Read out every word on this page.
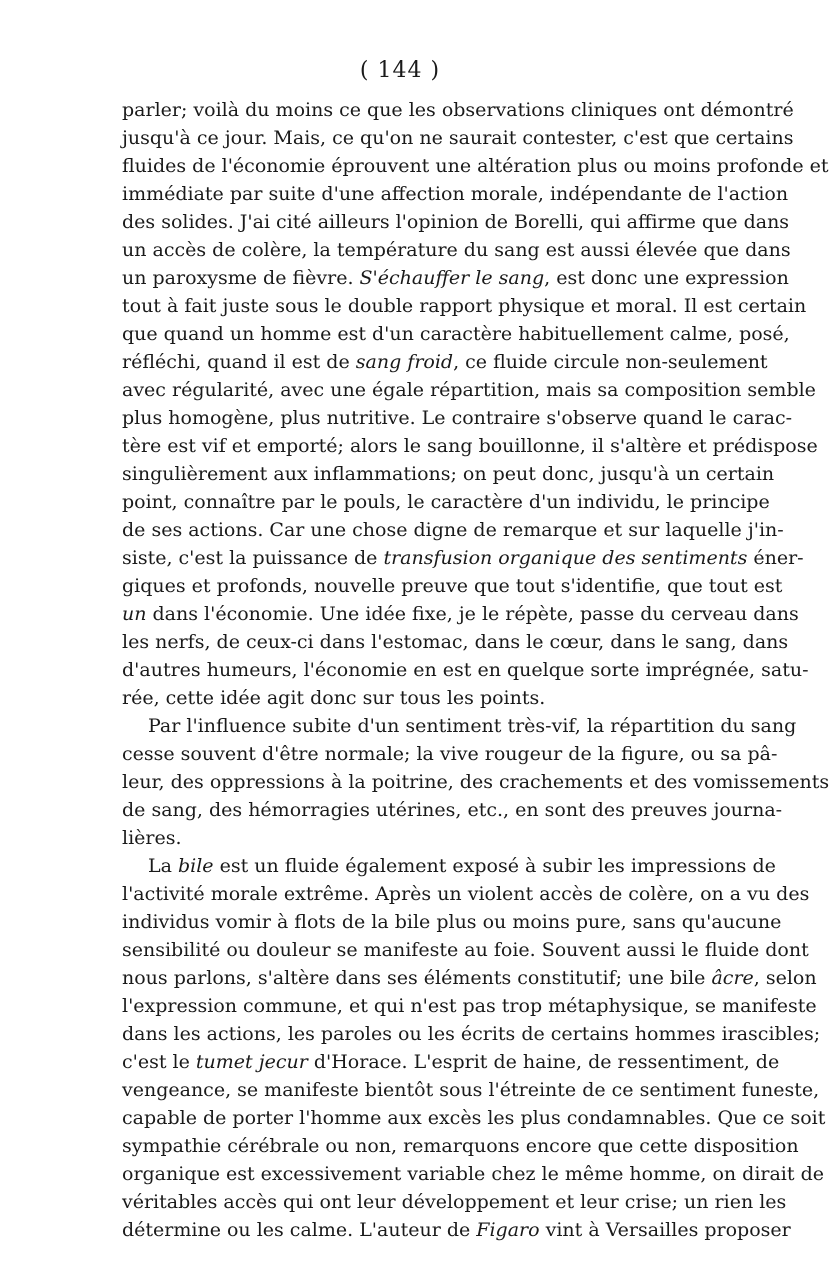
( 144 )
parler; voilà du moins ce que les observations cliniques ont démontré
jusqu'à ce jour. Mais, ce qu'on ne saurait contester, c'est que certains
fluides de l'économie éprouvent une altération plus ou moins profonde et
immédiate par suite d'une affection morale, indépendante de l'action
des solides. J'ai cité ailleurs l'opinion de Borelli, qui affirme que dans
un accès de colère, la température du sang est aussi élevée que dans
un paroxysme de fièvre. S'échauffer le sang, est donc une expression
tout à fait juste sous le double rapport physique et moral. Il est certain
que quand un homme est d'un caractère habituellement calme, posé,
réfléchi, quand il est de sang froid, ce fluide circule non-seulement
avec régularité, avec une égale répartition, mais sa composition semble
plus homogène, plus nutritive. Le contraire s'observe quand le carac-
tère est vif et emporté; alors le sang bouillonne, il s'altère et prédispose
singulièrement aux inflammations; on peut donc, jusqu'à un certain
point, connaître par le pouls, le caractère d'un individu, le principe
de ses actions. Car une chose digne de remarque et sur laquelle j'in-
siste, c'est la puissance de transfusion organique des sentiments éner-
giques et profonds, nouvelle preuve que tout s'identifie, que tout est
un dans l'économie. Une idée fixe, je le répète, passe du cerveau dans
les nerfs, de ceux-ci dans l'estomac, dans le cœur, dans le sang, dans
d'autres humeurs, l'économie en est en quelque sorte imprégnée, satu-
rée, cette idée agit donc sur tous les points.
Par l'influence subite d'un sentiment très-vif, la répartition du sang
cesse souvent d'être normale; la vive rougeur de la figure, ou sa pâ-
leur, des oppressions à la poitrine, des crachements et des vomissements
de sang, des hémorragies utérines, etc., en sont des preuves journa-
lières.
La bile est un fluide également exposé à subir les impressions de
l'activité morale extrême. Après un violent accès de colère, on a vu des
individus vomir à flots de la bile plus ou moins pure, sans qu'aucune
sensibilité ou douleur se manifeste au foie. Souvent aussi le fluide dont
nous parlons, s'altère dans ses éléments constitutif; une bile âcre, selon
l'expression commune, et qui n'est pas trop métaphysique, se manifeste
dans les actions, les paroles ou les écrits de certains hommes irascibles;
c'est le tumet jecur d'Horace. L'esprit de haine, de ressentiment, de
vengeance, se manifeste bientôt sous l'étreinte de ce sentiment funeste,
capable de porter l'homme aux excès les plus condamnables. Que ce soit
sympathie cérébrale ou non, remarquons encore que cette disposition
organique est excessivement variable chez le même homme, on dirait de
véritables accès qui ont leur développement et leur crise; un rien les
détermine ou les calme. L'auteur de Figaro vint à Versailles proposer
